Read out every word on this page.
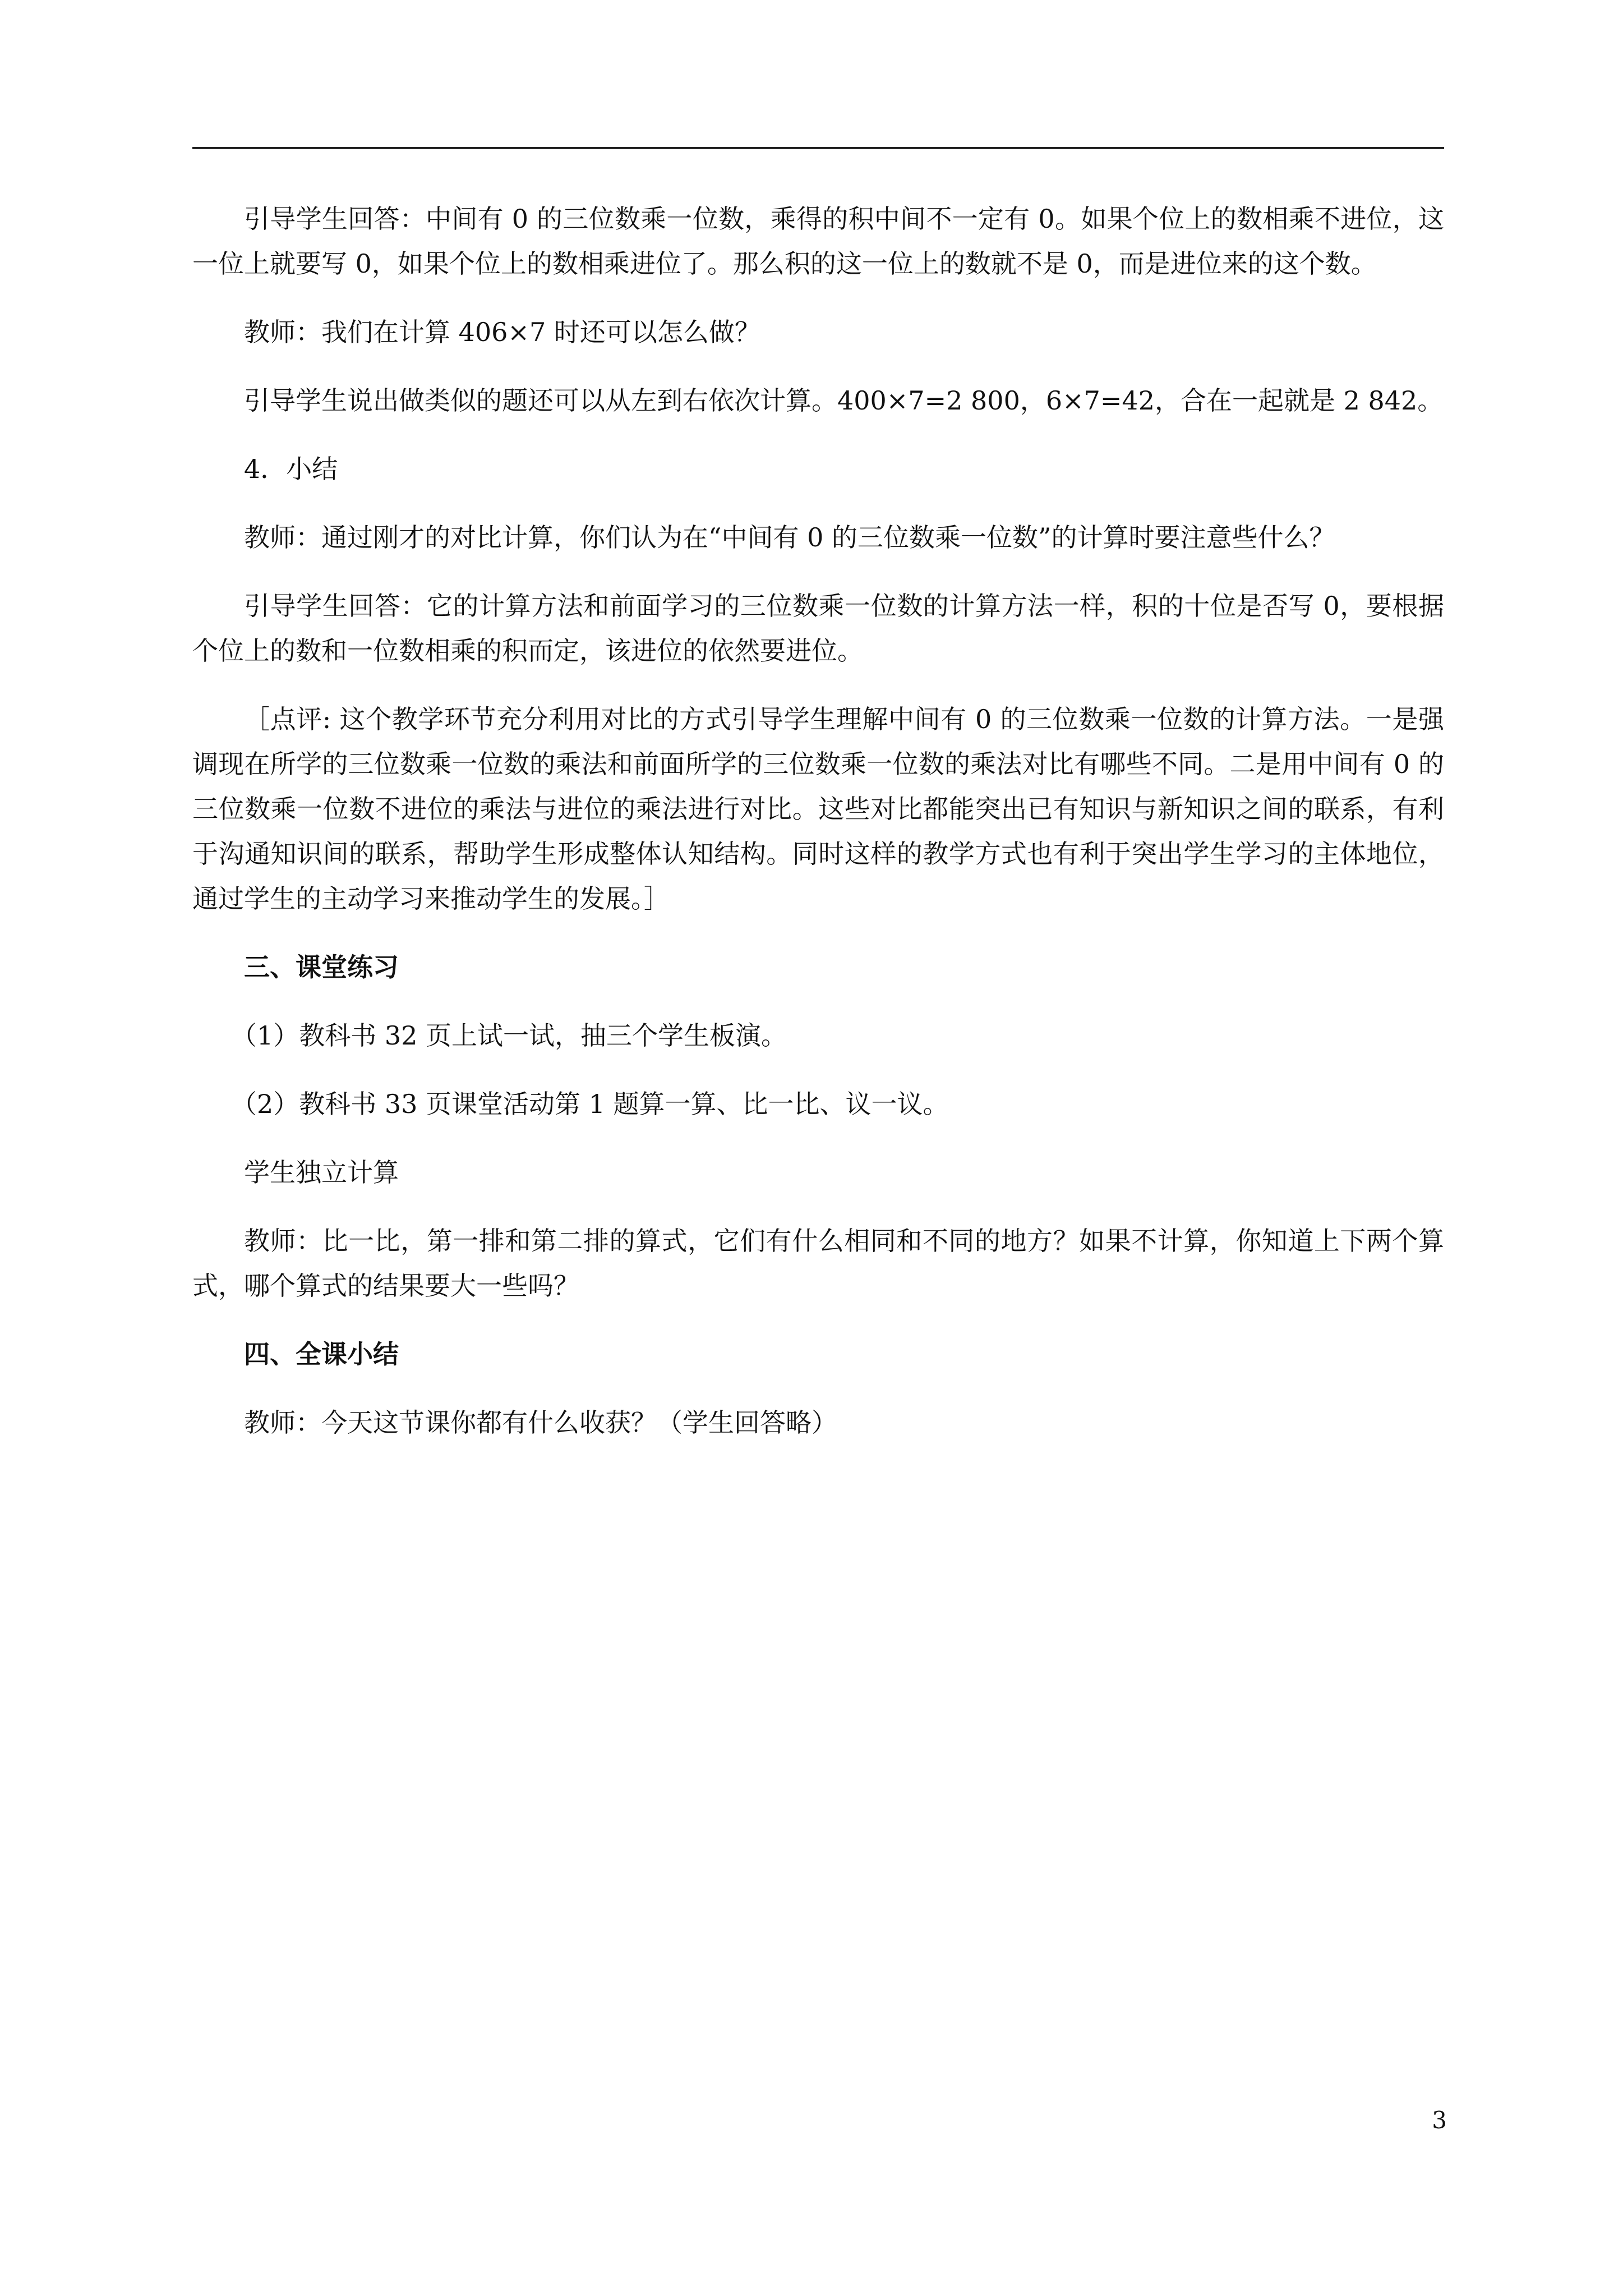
引导学生回答：中间有 0 的三位数乘一位数，乘得的积中间不一定有 0。如果个位上的数相乘不进位，这一位上就要写 0，如果个位上的数相乘进位了。那么积的这一位上的数就不是 0，而是进位来的这个数。

教师：我们在计算 406×7 时还可以怎么做？

引导学生说出做类似的题还可以从左到右依次计算。400×7=2 800，6×7=42，合在一起就是 2 842。

4．小结

教师：通过刚才的对比计算，你们认为在“中间有 0 的三位数乘一位数”的计算时要注意些什么？

引导学生回答：它的计算方法和前面学习的三位数乘一位数的计算方法一样，积的十位是否写 0，要根据个位上的数和一位数相乘的积而定，该进位的依然要进位。

［点评: 这个教学环节充分利用对比的方式引导学生理解中间有 0 的三位数乘一位数的计算方法。一是强调现在所学的三位数乘一位数的乘法和前面所学的三位数乘一位数的乘法对比有哪些不同。二是用中间有 0 的三位数乘一位数不进位的乘法与进位的乘法进行对比。这些对比都能突出已有知识与新知识之间的联系，有利于沟通知识间的联系，帮助学生形成整体认知结构。同时这样的教学方式也有利于突出学生学习的主体地位，通过学生的主动学习来推动学生的发展。］

三、课堂练习

（1）教科书 32 页上试一试，抽三个学生板演。

（2）教科书 33 页课堂活动第 1 题算一算、比一比、议一议。

学生独立计算

教师：比一比，第一排和第二排的算式，它们有什么相同和不同的地方？如果不计算，你知道上下两个算式，哪个算式的结果要大一些吗？

四、全课小结

教师：今天这节课你都有什么收获？（学生回答略）

3
